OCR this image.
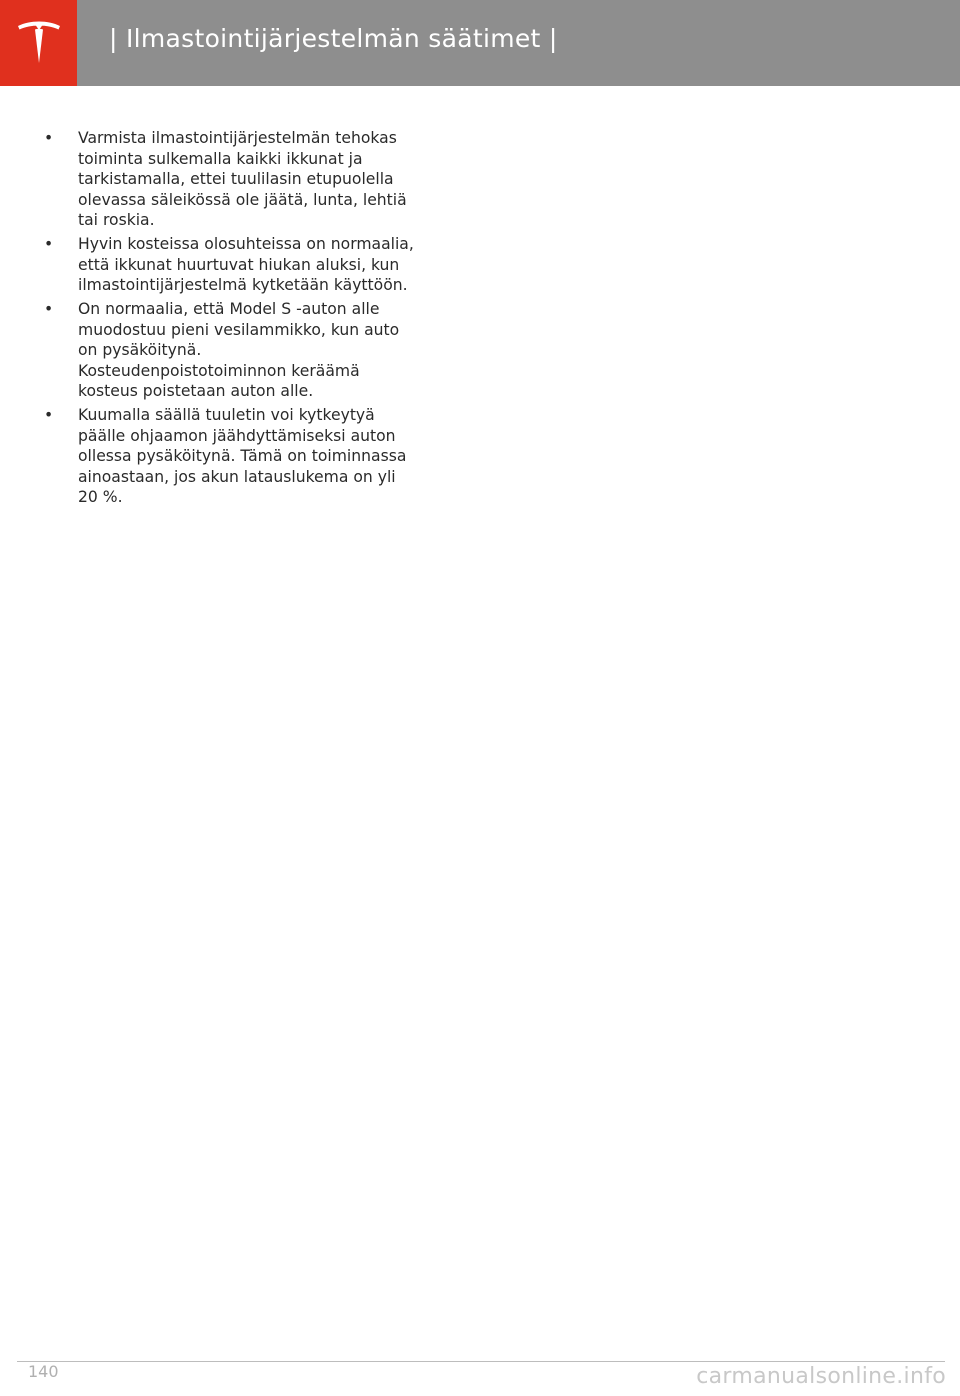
| Ilmastointijärjestelmän säätimet |
• Varmista ilmastointijärjestelmän tehokas
toiminta sulkemalla kaikki ikkunat ja
tarkistamalla, ettei tuulilasin etupuolella
olevassa säleikössä ole jäätä, lunta, lehtiä
tai roskia.
• Hyvin kosteissa olosuhteissa on normaalia,
että ikkunat huurtuvat hiukan aluksi, kun
ilmastointijärjestelmä kytketään käyttöön.
• On normaalia, että Model S -auton alle
muodostuu pieni vesilammikko, kun auto
on pysäköitynä.
Kosteudenpoistotoiminnon keräämä
kosteus poistetaan auton alle.
• Kuumalla säällä tuuletin voi kytkeytyä
päälle ohjaamon jäähdyttämiseksi auton
ollessa pysäköitynä. Tämä on toiminnassa
ainoastaan, jos akun latauslukema on yli
20 %.
140	carmanualsonline.info
